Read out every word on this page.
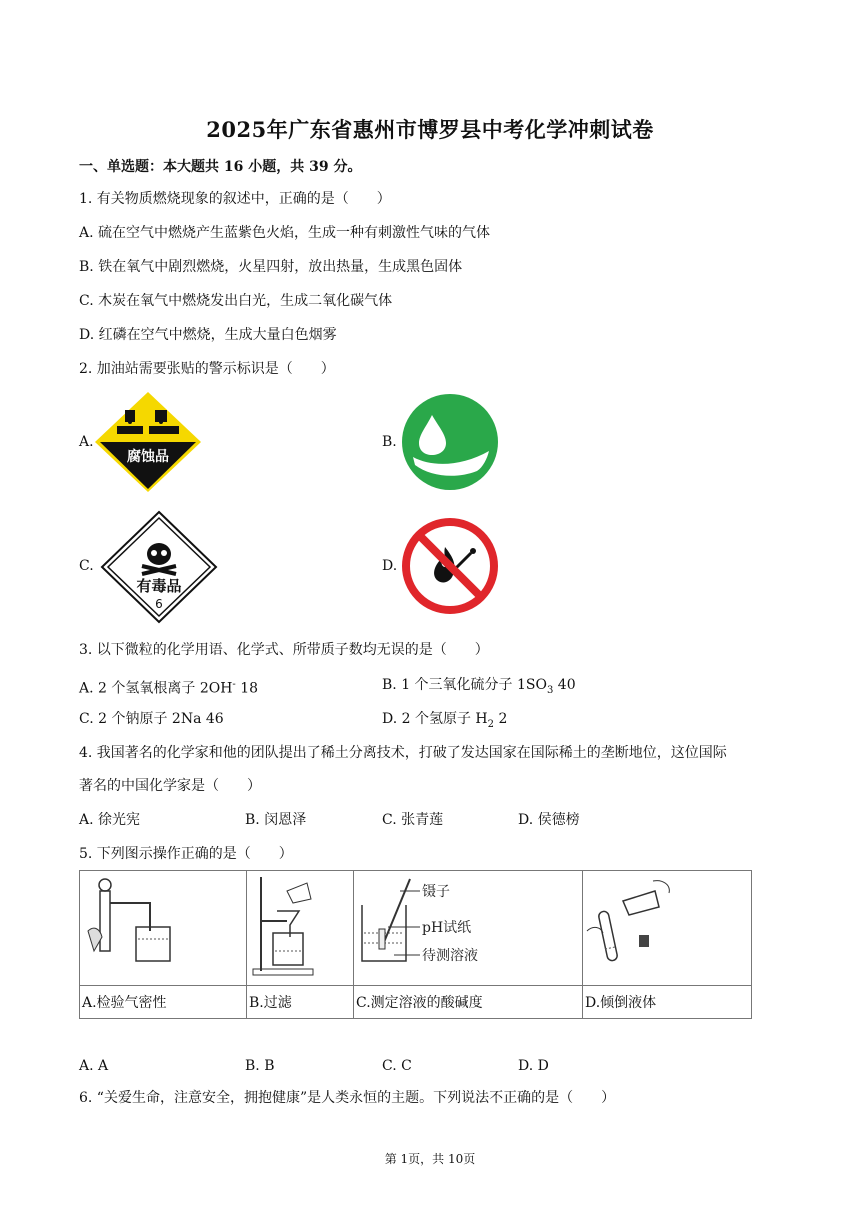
2025年广东省惠州市博罗县中考化学冲刺试卷
一、单选题：本大题共 16 小题，共 39 分。
1. 有关物质燃烧现象的叙述中，正确的是（　　）
A. 硫在空气中燃烧产生蓝紫色火焰，生成一种有刺激性气味的气体
B. 铁在氧气中剧烈燃烧，火星四射，放出热量，生成黑色固体
C. 木炭在氧气中燃烧发出白光，生成二氧化碳气体
D. 红磷在空气中燃烧，生成大量白色烟雾
2. 加油站需要张贴的警示标识是（　　）
A.
腐蚀品
B.
C.
有毒品
6
D.
3. 以下微粒的化学用语、化学式、所带质子数均无误的是（　　）
A. 2 个氢氧根离子 2OH- 18	B. 1 个三氧化硫分子 $1SO_3$ 40
C. 2 个钠原子 2Na 46	D. 2 个氢原子 $H_2$ 2
4. 我国著名的化学家和他的团队提出了稀土分离技术，打破了发达国家在国际稀土的垄断地位，这位国际
著名的中国化学家是（　　）
A. 徐光宪	B. 闵恩泽	C. 张青莲	D. 侯德榜
5. 下列图示操作正确的是（　　）

镊子
pH试纸
待测溶液

A.检验气密性	B.过滤	C.测定溶液的酸碱度	D.倾倒液体
A. A	B. B	C. C	D. D
6. “关爱生命，注意安全，拥抱健康”是人类永恒的主题。下列说法不正确的是（　　）
第 1页，共 10页
